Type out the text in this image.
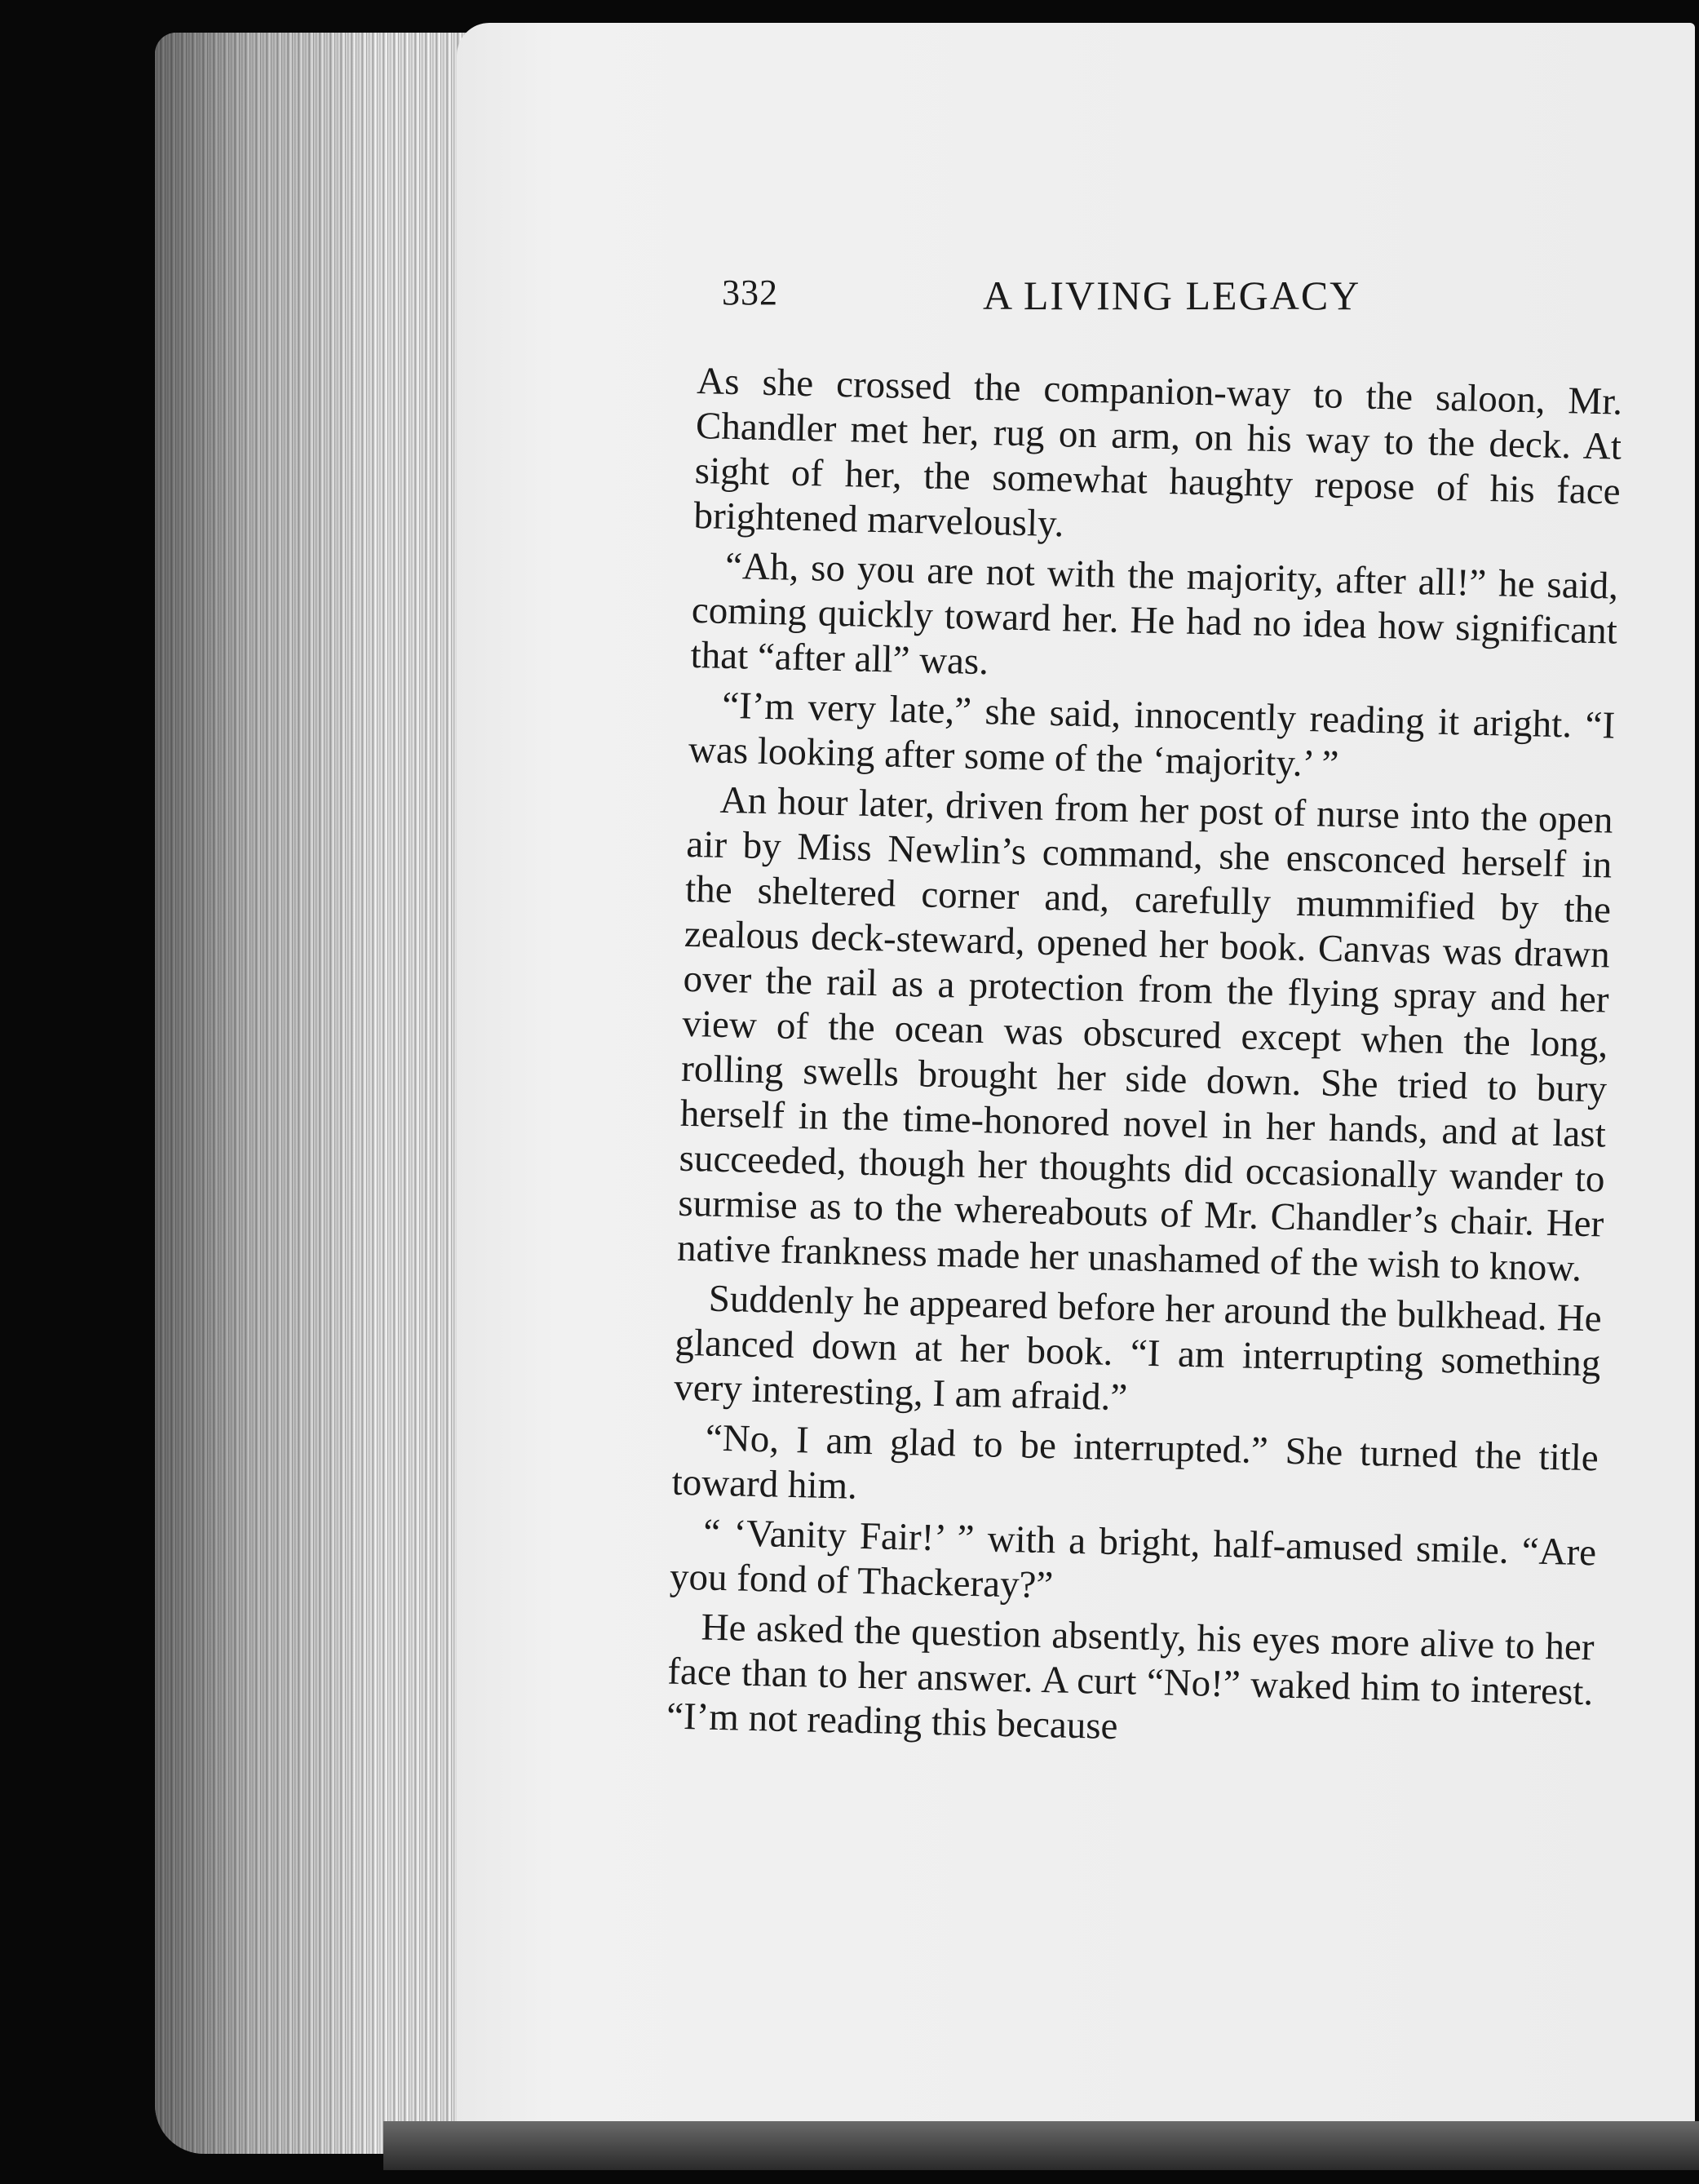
332	A LIVING LEGACY

As she crossed the companion-way to the saloon, Mr. Chandler met her, rug on arm, on his way to the deck. At sight of her, the somewhat haughty repose of his face brightened marvelously.

“Ah, so you are not with the majority, after all!” he said, coming quickly toward her. He had no idea how significant that “after all” was.

“I’m very late,” she said, innocently reading it aright. “I was looking after some of the ‘majority.’ ”

An hour later, driven from her post of nurse into the open air by Miss Newlin’s command, she ensconced herself in the sheltered corner and, carefully mummified by the zealous deck-steward, opened her book. Canvas was drawn over the rail as a protection from the flying spray and her view of the ocean was obscured except when the long, rolling swells brought her side down. She tried to bury herself in the time-honored novel in her hands, and at last succeeded, though her thoughts did occasionally wander to surmise as to the whereabouts of Mr. Chandler’s chair. Her native frankness made her unashamed of the wish to know.

Suddenly he appeared before her around the bulkhead. He glanced down at her book. “I am interrupting something very interesting, I am afraid.”

“No, I am glad to be interrupted.” She turned the title toward him.

“ ‘Vanity Fair!’ ” with a bright, half-amused smile. “Are you fond of Thackeray?”

He asked the question absently, his eyes more alive to her face than to her answer. A curt “No!” waked him to interest. “I’m not reading this because
